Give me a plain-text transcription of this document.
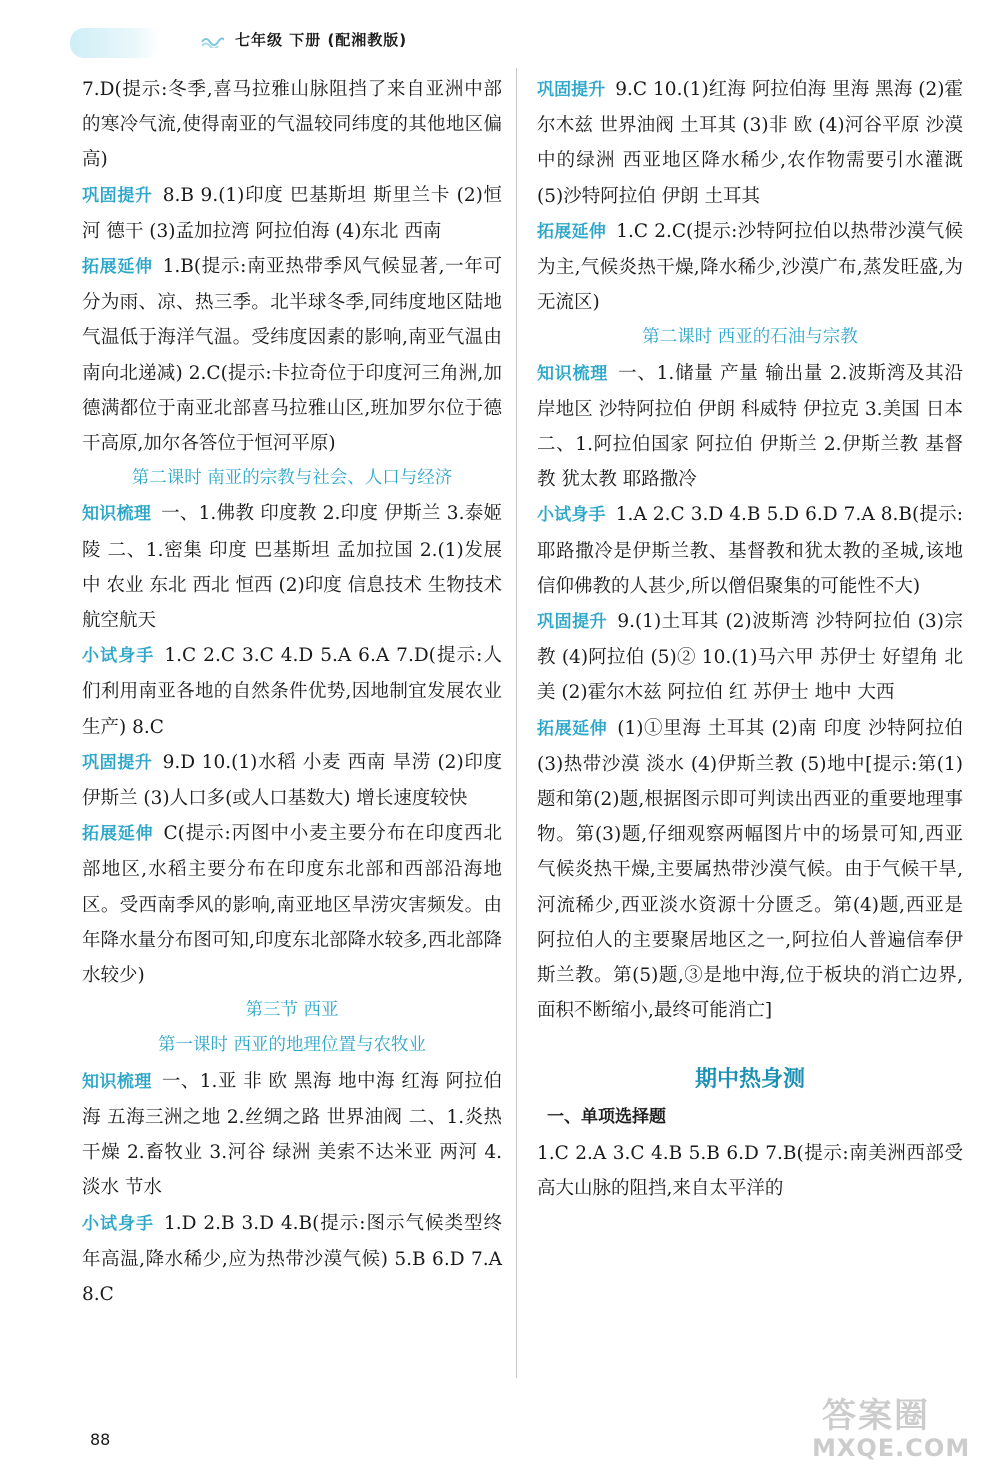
七年级 下册 (配湘教版)
7.D(提示:冬季,喜马拉雅山脉阻挡了来自亚洲中部的寒冷气流,使得南亚的气温较同纬度的其他地区偏高)
巩固提升 8.B 9.(1)印度 巴基斯坦 斯里兰卡 (2)恒河 德干 (3)孟加拉湾 阿拉伯海 (4)东北 西南
拓展延伸 1.B(提示:南亚热带季风气候显著,一年可分为雨、凉、热三季。北半球冬季,同纬度地区陆地气温低于海洋气温。受纬度因素的影响,南亚气温由南向北递减) 2.C(提示:卡拉奇位于印度河三角洲,加德满都位于南亚北部喜马拉雅山区,班加罗尔位于德干高原,加尔各答位于恒河平原)
第二课时 南亚的宗教与社会、人口与经济
知识梳理 一、1.佛教 印度教 2.印度 伊斯兰 3.泰姬陵 二、1.密集 印度 巴基斯坦 孟加拉国 2.(1)发展中 农业 东北 西北 恒西 (2)印度 信息技术 生物技术 航空航天
小试身手 1.C 2.C 3.C 4.D 5.A 6.A 7.D(提示:人们利用南亚各地的自然条件优势,因地制宜发展农业生产) 8.C
巩固提升 9.D 10.(1)水稻 小麦 西南 旱涝 (2)印度 伊斯兰 (3)人口多(或人口基数大) 增长速度较快
拓展延伸 C(提示:丙图中小麦主要分布在印度西北部地区,水稻主要分布在印度东北部和西部沿海地区。受西南季风的影响,南亚地区旱涝灾害频发。由年降水量分布图可知,印度东北部降水较多,西北部降水较少)
第三节 西亚
第一课时 西亚的地理位置与农牧业
知识梳理 一、1.亚 非 欧 黑海 地中海 红海 阿拉伯海 五海三洲之地 2.丝绸之路 世界油阀 二、1.炎热干燥 2.畜牧业 3.河谷 绿洲 美索不达米亚 两河 4.淡水 节水
小试身手 1.D 2.B 3.D 4.B(提示:图示气候类型终年高温,降水稀少,应为热带沙漠气候) 5.B 6.D 7.A 8.C
巩固提升 9.C 10.(1)红海 阿拉伯海 里海 黑海 (2)霍尔木兹 世界油阀 土耳其 (3)非 欧 (4)河谷平原 沙漠中的绿洲 西亚地区降水稀少,农作物需要引水灌溉 (5)沙特阿拉伯 伊朗 土耳其
拓展延伸 1.C 2.C(提示:沙特阿拉伯以热带沙漠气候为主,气候炎热干燥,降水稀少,沙漠广布,蒸发旺盛,为无流区)
第二课时 西亚的石油与宗教
知识梳理 一、1.储量 产量 输出量 2.波斯湾及其沿岸地区 沙特阿拉伯 伊朗 科威特 伊拉克 3.美国 日本 二、1.阿拉伯国家 阿拉伯 伊斯兰 2.伊斯兰教 基督教 犹太教 耶路撒冷
小试身手 1.A 2.C 3.D 4.B 5.D 6.D 7.A 8.B(提示:耶路撒冷是伊斯兰教、基督教和犹太教的圣城,该地信仰佛教的人甚少,所以僧侣聚集的可能性不大)
巩固提升 9.(1)土耳其 (2)波斯湾 沙特阿拉伯 (3)宗教 (4)阿拉伯 (5)② 10.(1)马六甲 苏伊士 好望角 北美 (2)霍尔木兹 阿拉伯 红 苏伊士 地中 大西
拓展延伸 (1)①里海 土耳其 (2)南 印度 沙特阿拉伯 (3)热带沙漠 淡水 (4)伊斯兰教 (5)地中[提示:第(1)题和第(2)题,根据图示即可判读出西亚的重要地理事物。第(3)题,仔细观察两幅图片中的场景可知,西亚气候炎热干燥,主要属热带沙漠气候。由于气候干旱,河流稀少,西亚淡水资源十分匮乏。第(4)题,西亚是阿拉伯人的主要聚居地区之一,阿拉伯人普遍信奉伊斯兰教。第(5)题,③是地中海,位于板块的消亡边界,面积不断缩小,最终可能消亡]
期中热身测
一、单项选择题
1.C 2.A 3.C 4.B 5.B 6.D 7.B(提示:南美洲西部受高大山脉的阻挡,来自太平洋的
88
答案圈
MXQE.COM
